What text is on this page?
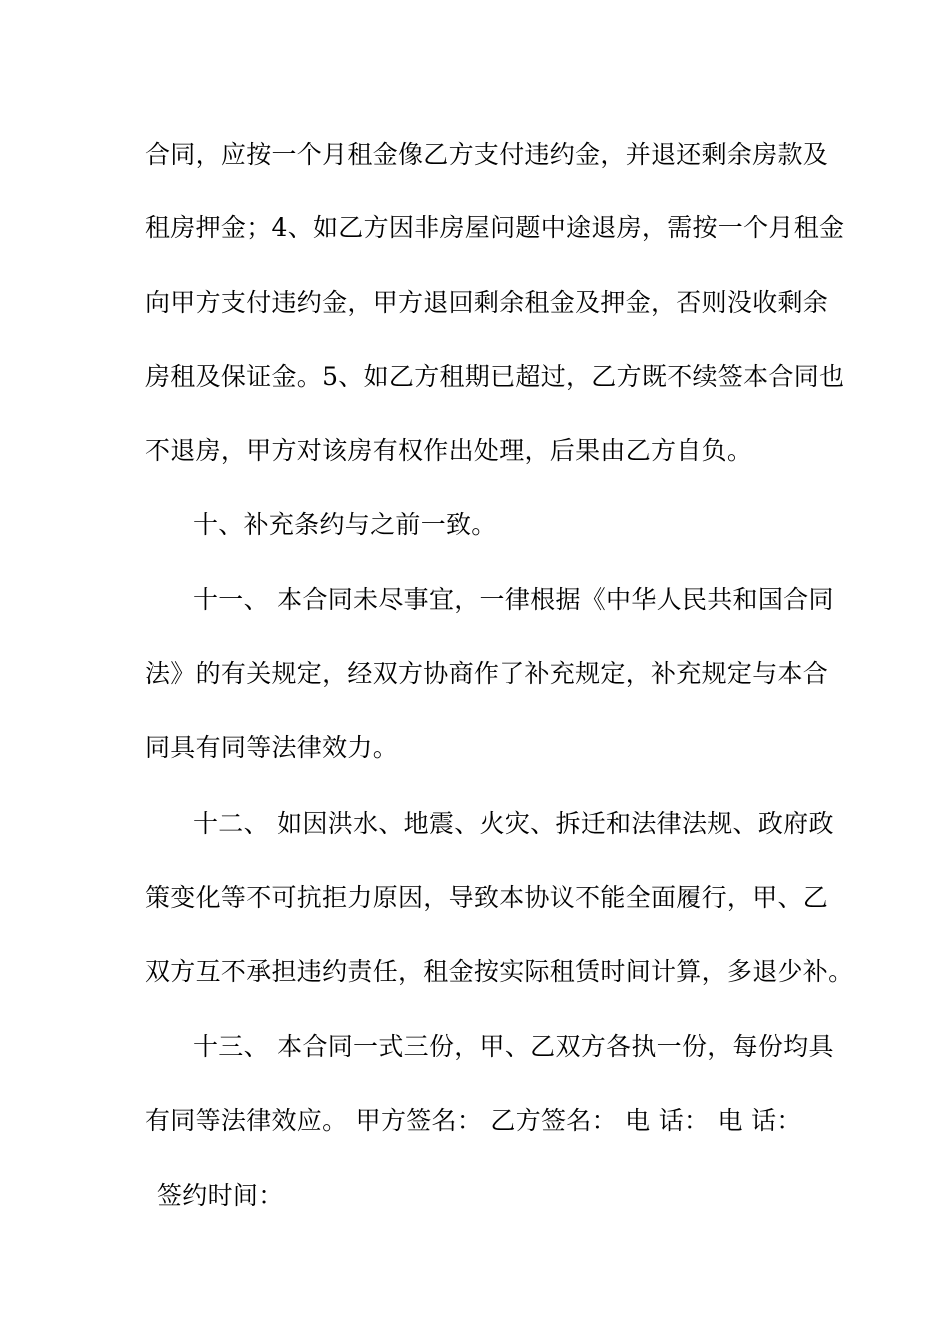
合同，应按一个月租金像乙方支付违约金，并退还剩余房款及
租房押金；4、如乙方因非房屋问题中途退房，需按一个月租金
向甲方支付违约金，甲方退回剩余租金及押金，否则没收剩余
房租及保证金。5、如乙方租期已超过，乙方既不续签本合同也
不退房，甲方对该房有权作出处理，后果由乙方自负。
十、补充条约与之前一致。
十一、 本合同未尽事宜，一律根据《中华人民共和国合同
法》的有关规定，经双方协商作了补充规定，补充规定与本合
同具有同等法律效力。
十二、 如因洪水、地震、火灾、拆迁和法律法规、政府政
策变化等不可抗拒力原因，导致本协议不能全面履行，甲、乙
双方互不承担违约责任，租金按实际租赁时间计算，多退少补。
十三、 本合同一式三份，甲、乙双方各执一份，每份均具
有同等法律效应。 甲方签名： 乙方签名： 电 话： 电 话：
签约时间：
